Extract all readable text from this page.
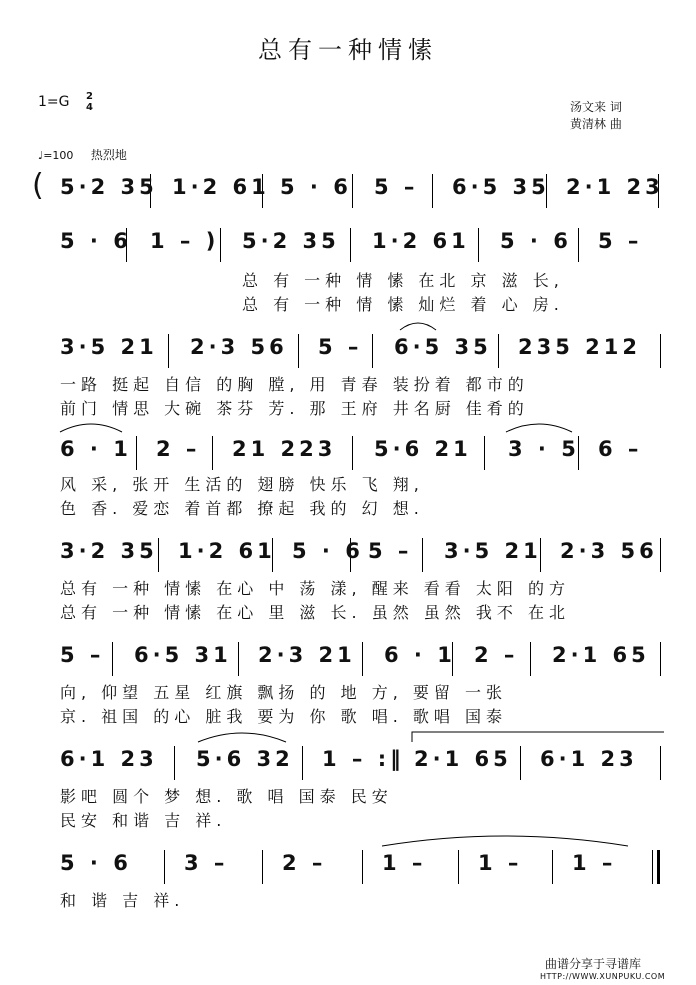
总有一种情愫
1=G 2
4	汤文来 词
黄清林 曲
♩=100 热烈地
( 5·2 35 1·2 61 5 · 6 5 – 6·5 35 2·1 23
5 · 6 1 – ) 5·2 35 1·2 61 5 · 6 5 –
总 有 一种 情 愫 在北 京 滋 长,
总 有 一种 情 愫 灿烂 着 心 房.
3·5 21 2·3 56 5 – 6·5 35 235 212
一路 挺起 自信 的胸 膛, 用 青春 装扮着 都市的
前门 情思 大碗 茶芬 芳. 那 王府 井名厨 佳肴的
6 · 1 2 – 21 223 5·6 21 3 · 5 6 –
风 采, 张开 生活的 翅膀 快乐 飞 翔,
色 香. 爱恋 着首都 撩起 我的 幻 想.
3·2 35 1·2 61 5 · 6 5 – 3·5 21 2·3 56
总有 一种 情愫 在心 中 荡 漾, 醒来 看看 太阳 的方
总有 一种 情愫 在心 里 滋 长. 虽然 虽然 我不 在北
5 – 6·5 31 2·3 21 6 · 1 2 – 2·1 65
向, 仰望 五星 红旗 飘扬 的 地 方, 要留 一张
京. 祖国 的心 脏我 要为 你 歌 唱. 歌唱 国泰
6·1 23 5·6 32 1 – :‖ 2·1 65 6·1 23
影吧 圆个 梦 想. 歌 唱 国泰 民安
民安 和谐 吉 祥.
5 · 6 3 –	2 –	1 – 1 – 1 –
和 谐 吉 祥.
曲谱分享于寻谱库
HTTP://WWW.XUNPUKU.COM
